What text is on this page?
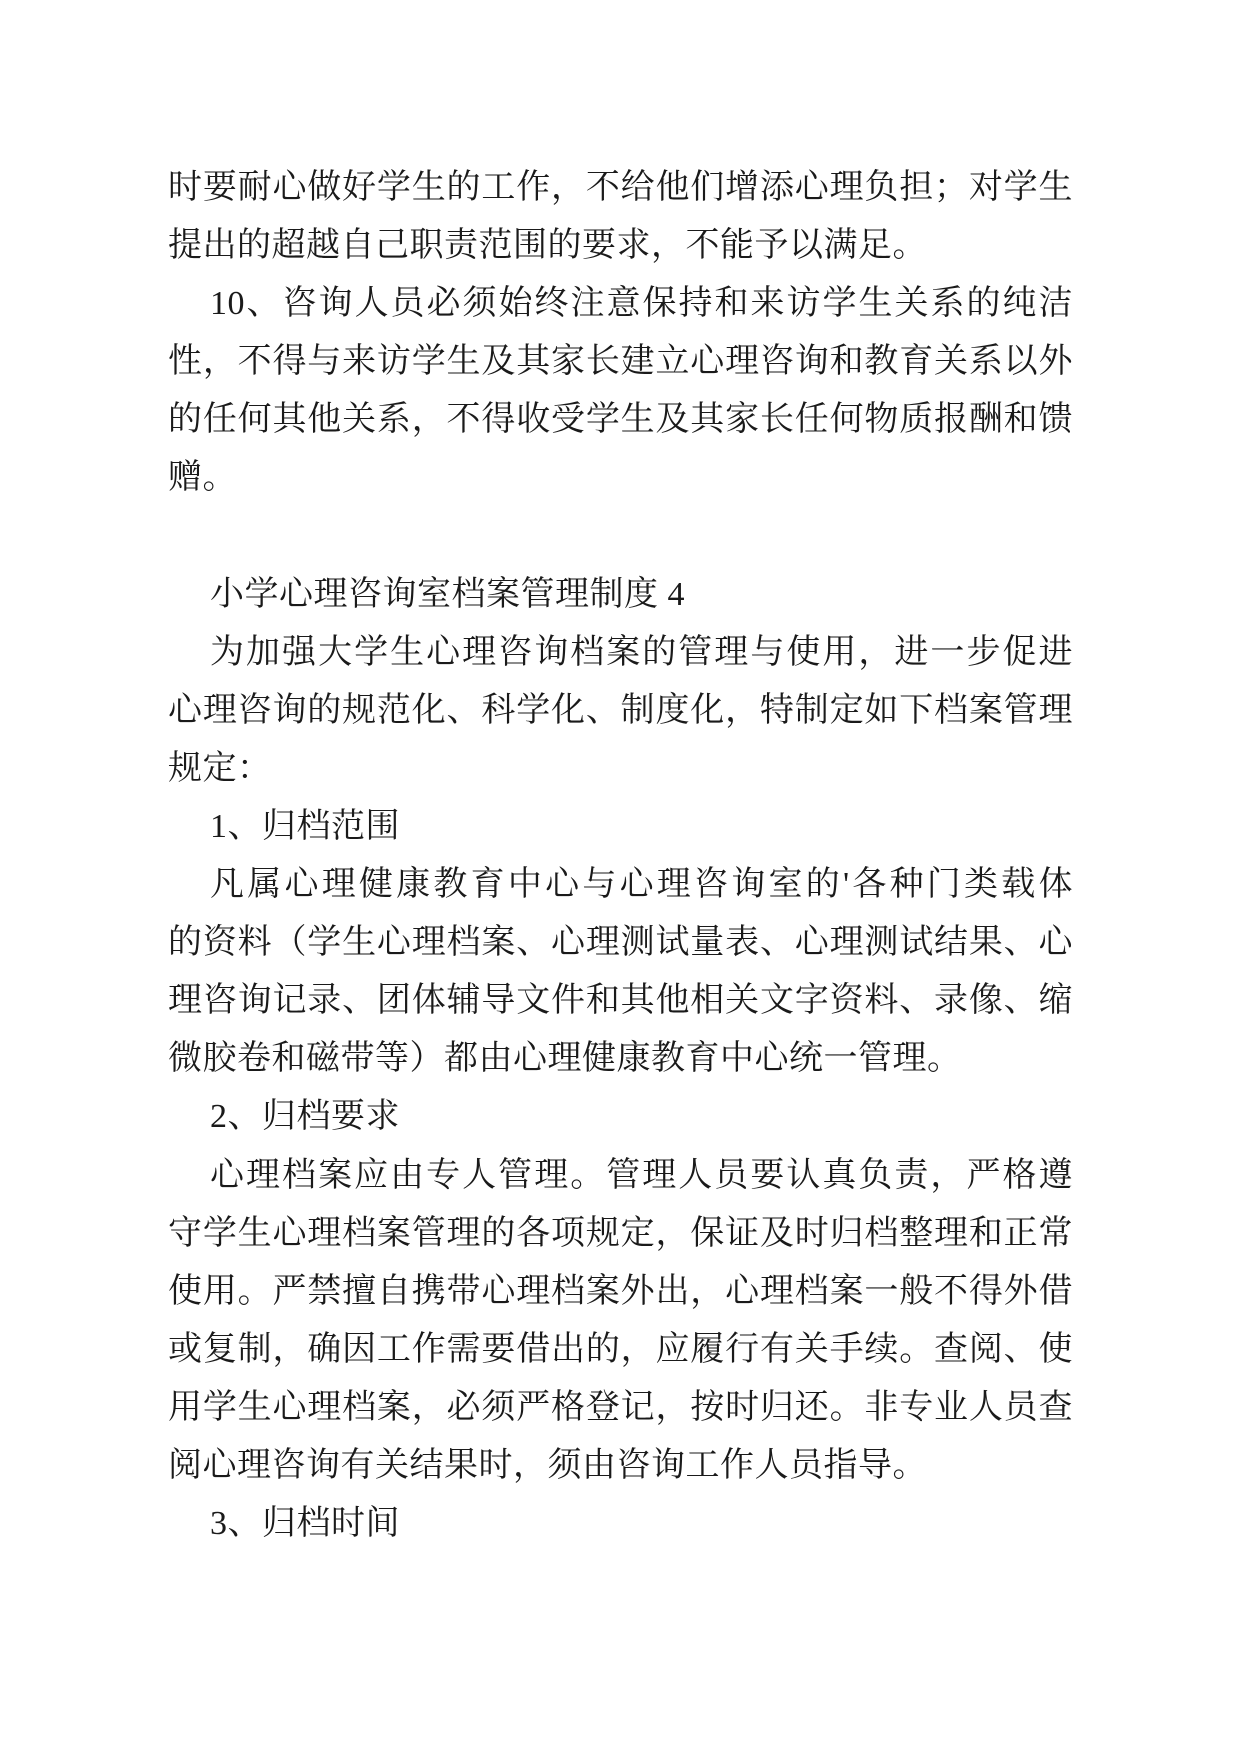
时要耐心做好学生的工作，不给他们增添心理负担；对学生
提出的超越自己职责范围的要求，不能予以满足。
10、咨询人员必须始终注意保持和来访学生关系的纯洁
性，不得与来访学生及其家长建立心理咨询和教育关系以外
的任何其他关系，不得收受学生及其家长任何物质报酬和馈
赠。
小学心理咨询室档案管理制度 4
为加强大学生心理咨询档案的管理与使用，进一步促进
心理咨询的规范化、科学化、制度化，特制定如下档案管理
规定：
1、归档范围
凡属心理健康教育中心与心理咨询室的'各种门类载体
的资料（学生心理档案、心理测试量表、心理测试结果、心
理咨询记录、团体辅导文件和其他相关文字资料、录像、缩
微胶卷和磁带等）都由心理健康教育中心统一管理。
2、归档要求
心理档案应由专人管理。管理人员要认真负责，严格遵
守学生心理档案管理的各项规定，保证及时归档整理和正常
使用。严禁擅自携带心理档案外出，心理档案一般不得外借
或复制，确因工作需要借出的，应履行有关手续。查阅、使
用学生心理档案，必须严格登记，按时归还。非专业人员查
阅心理咨询有关结果时，须由咨询工作人员指导。
3、归档时间
